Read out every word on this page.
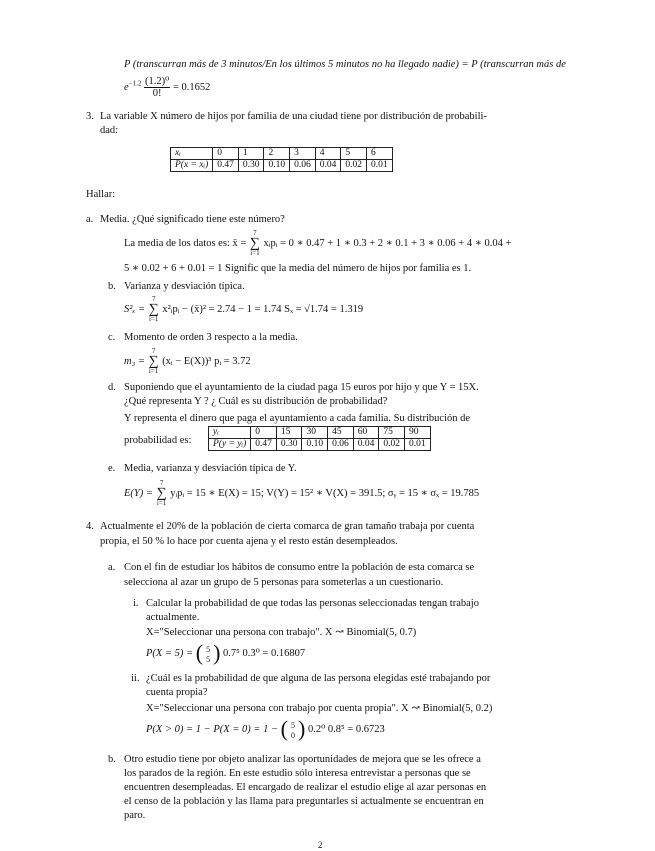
P (transcurran más de 3 minutos/En los últimos 5 minutos no ha llegado nadie) = P (transcurran más de
$e^{-1.2} \frac{\text{(1.2)⁰}}{0!} = 0.1652$
3. La variable X número de hijos por familia de una ciudad tiene por distribución de probabili-
dad:
xᵢ	0	1	2	3	4	5	6
P(x = xᵢ)	0.47	0.30	0.10	0.06	0.04	0.02	0.01
Hallar:
a. Media. ¿Qué significado tiene este número?
La media de los datos es: x̄ = 7
∑
i=1 xᵢpᵢ = 0 ∗ 0.47 + 1 ∗ 0.3 + 2 ∗ 0.1 + 3 ∗ 0.06 + 4 ∗ 0.04 +
5 ∗ 0.02 + 6 + 0.01 = 1 Signific que la media del número de hijos por familia es 1.
b. Varianza y desviación típica.
S²ₓ = 7
∑
i=1 x²ᵢpᵢ − (x̄)² = 2.74 − 1 = 1.74 Sₓ = √1.74 = 1.319
c. Momento de orden 3 respecto a la media.
m₃ = 7
∑
i=1 (xᵢ − E(X))³ pᵢ = 3.72
d. Suponiendo que el ayuntamiento de la ciudad paga 15 euros por hijo y que Y = 15X.
¿Qué representa Y ? ¿ Cuál es su distribución de probabilidad?
Y representa el dinero que paga el ayuntamiento a cada familia. Su distribución de
probabilidad es:
yᵢ	0	15	30	45	60	75	90
P(y = yᵢ)	0.47	0.30	0.10	0.06	0.04	0.02	0.01
e. Media, varianza y desviación típica de Y.
E(Y) = 7
∑
i=1 yᵢpᵢ = 15 ∗ E(X) = 15; V(Y) = 15² ∗ V(X) = 391.5; σᵧ = 15 ∗ σₓ = 19.785
4. Actualmente el 20% de la población de cierta comarca de gran tamaño trabaja por cuenta
propia, el 50 % lo hace por cuenta ajena y el resto están desempleados.
a. Con el fin de estudiar los hábitos de consumo entre la población de esta comarca se
selecciona al azar un grupo de 5 personas para someterlas a un cuestionario.
i. Calcular la probabilidad de que todas las personas seleccionadas tengan trabajo
actualmente.
X="Seleccionar una persona con trabajo". X ↝ Binomial(5, 0.7)
P(X = 5) = ( 5
5 ) 0.7⁵ 0.3⁰ = 0.16807
ii. ¿Cuál es la probabilidad de que alguna de las persona elegidas esté trabajando por
cuenta propia?
X="Seleccionar una persona con trabajo por cuenta propia". X ↝ Binomial(5, 0.2)
P(X > 0) = 1 − P(X = 0) = 1 − ( 5
0 ) 0.2⁰ 0.8⁵ = 0.6723
b. Otro estudio tiene por objeto analizar las oportunidades de mejora que se les ofrece a
los parados de la región. En este estudio sólo interesa entrevistar a personas que se
encuentren desempleadas. El encargado de realizar el estudio elige al azar personas en
el censo de la población y las llama para preguntarles si actualmente se encuentran en
paro.
2
